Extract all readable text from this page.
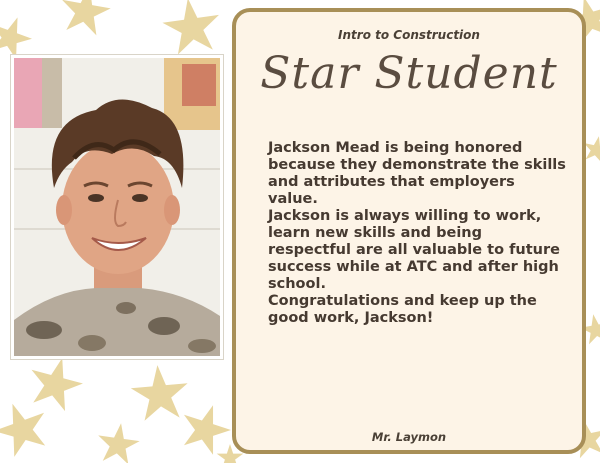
Intro to Construction
Star Student

Jackson Mead is being honored because they demonstrate the skills and attributes that employers value.

Jackson is always willing to work, learn new skills and being respectful are all valuable to future success while at ATC and after high school.

Congratulations and keep up the good work, Jackson!

Mr. Laymon
